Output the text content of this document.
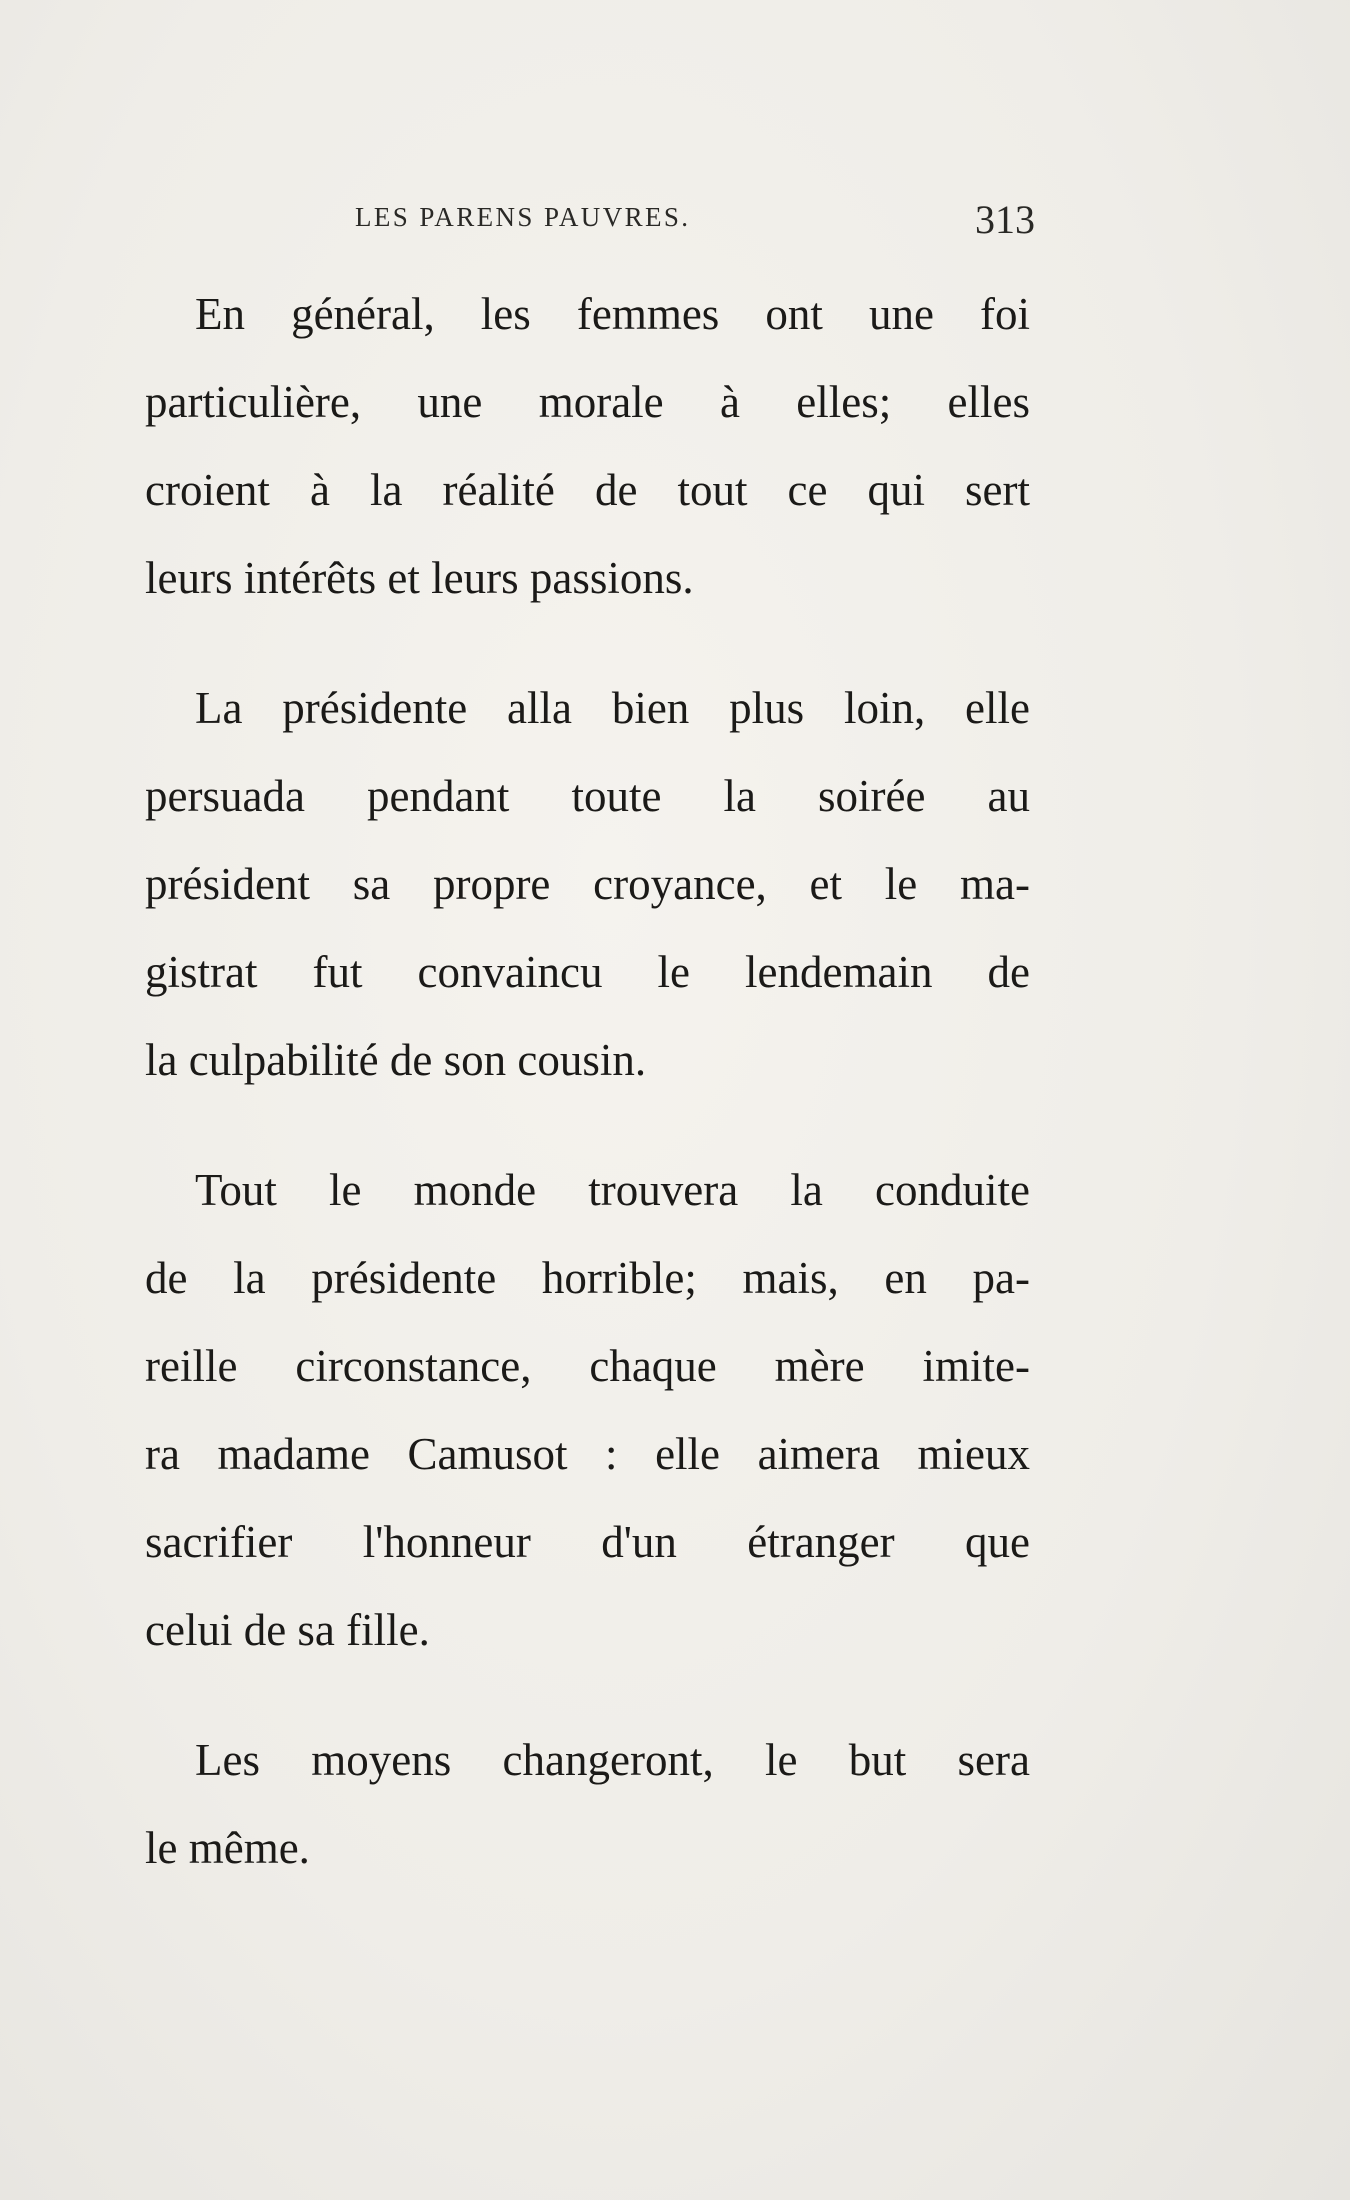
LES PARENS PAUVRES.	313

En général, les femmes ont une foi
particulière, une morale à elles; elles
croient à la réalité de tout ce qui sert
leurs intérêts et leurs passions.

La présidente alla bien plus loin, elle
persuada pendant toute la soirée au
président sa propre croyance, et le ma-
gistrat fut convaincu le lendemain de
la culpabilité de son cousin.

Tout le monde trouvera la conduite
de la présidente horrible; mais, en pa-
reille circonstance, chaque mère imite-
ra madame Camusot : elle aimera mieux
sacrifier l'honneur d'un étranger que
celui de sa fille.

Les moyens changeront, le but sera
le même.
